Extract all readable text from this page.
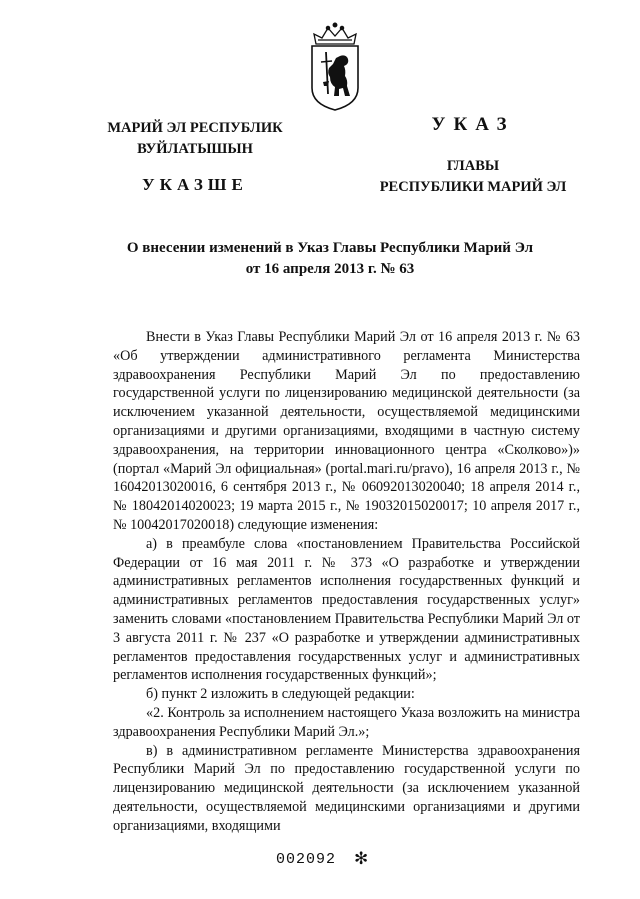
МАРИЙ ЭЛ РЕСПУБЛИК
ВУЙЛАТЫШЫН
УКАЗШЕ
УКАЗ
ГЛАВЫ
РЕСПУБЛИКИ МАРИЙ ЭЛ
О внесении изменений в Указ Главы Республики Марий Эл
от 16 апреля 2013 г. № 63

Внести в Указ Главы Республики Марий Эл от 16 апреля 2013 г. № 63 «Об утверждении административного регламента Министерства здравоохранения Республики Марий Эл по предоставлению государственной услуги по лицензированию медицинской деятельности (за исключением указанной деятельности, осуществляемой медицинскими организациями и другими организациями, входящими в частную систему здравоохранения, на территории инновационного центра «Сколково»)» (портал «Марий Эл официальная» (portal.mari.ru/pravo), 16 апреля 2013 г., № 16042013020016, 6 сентября 2013 г., № 06092013020040; 18 апреля 2014 г., № 18042014020023; 19 марта 2015 г., № 19032015020017; 10 апреля 2017 г., № 10042017020018) следующие изменения:

а) в преамбуле слова «постановлением Правительства Российской Федерации от 16 мая 2011 г. № 373 «О разработке и утверждении административных регламентов исполнения государственных функций и административных регламентов предоставления государственных услуг» заменить словами «постановлением Правительства Республики Марий Эл от 3 августа 2011 г. № 237 «О разработке и утверждении административных регламентов предоставления государственных услуг и административных регламентов исполнения государственных функций»;

б) пункт 2 изложить в следующей редакции:

«2. Контроль за исполнением настоящего Указа возложить на министра здравоохранения Республики Марий Эл.»;

в) в административном регламенте Министерства здравоохранения Республики Марий Эл по предоставлению государственной услуги по лицензированию медицинской деятельности (за исключением указанной деятельности, осуществляемой медицинскими организациями и другими организациями, входящими

002092 ✻
